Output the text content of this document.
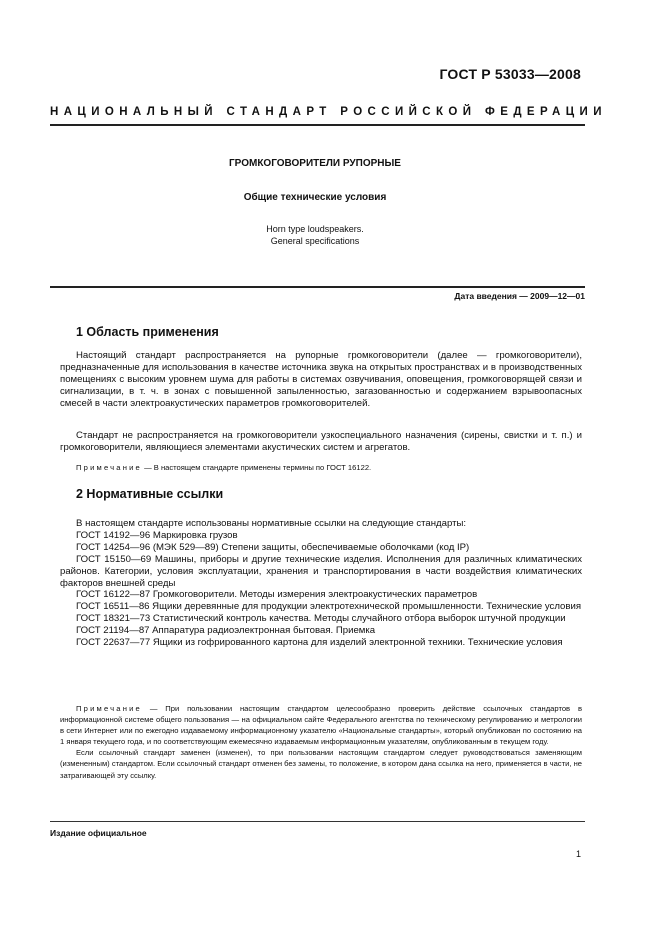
ГОСТ Р 53033—2008
НАЦИОНАЛЬНЫЙ СТАНДАРТ РОССИЙСКОЙ ФЕДЕРАЦИИ
ГРОМКОГОВОРИТЕЛИ РУПОРНЫЕ
Общие технические условия
Horn type loudspeakers.
General specifications
Дата введения — 2009—12—01
1 Область применения

Настоящий стандарт распространяется на рупорные громкоговорители (далее — громкоговорители), предназначенные для использования в качестве источника звука на открытых пространствах и в производственных помещениях с высоким уровнем шума для работы в системах озвучивания, оповещения, громкоговорящей связи и сигнализации, в т. ч. в зонах с повышенной запыленностью, загазованностью и содержанием взрывоопасных смесей в части электроакустических параметров громкоговорителей.

Стандарт не распространяется на громкоговорители узкоспециального назначения (сирены, свистки и т. п.) и громкоговорители, являющиеся элементами акустических систем и агрегатов.

Примечание — В настоящем стандарте применены термины по ГОСТ 16122.

2 Нормативные ссылки

В настоящем стандарте использованы нормативные ссылки на следующие стандарты:

ГОСТ 14192—96 Маркировка грузов

ГОСТ 14254—96 (МЭК 529—89) Степени защиты, обеспечиваемые оболочками (код IP)

ГОСТ 15150—69 Машины, приборы и другие технические изделия. Исполнения для различных климатических районов. Категории, условия эксплуатации, хранения и транспортирования в части воздействия климатических факторов внешней среды

ГОСТ 16122—87 Громкоговорители. Методы измерения электроакустических параметров

ГОСТ 16511—86 Ящики деревянные для продукции электротехнической промышленности. Технические условия

ГОСТ 18321—73 Статистический контроль качества. Методы случайного отбора выборок штучной продукции

ГОСТ 21194—87 Аппаратура радиоэлектронная бытовая. Приемка

ГОСТ 22637—77 Ящики из гофрированного картона для изделий электронной техники. Технические условия

Примечание — При пользовании настоящим стандартом целесообразно проверить действие ссылочных стандартов в информационной системе общего пользования — на официальном сайте Федерального агентства по техническому регулированию и метрологии в сети Интернет или по ежегодно издаваемому информационному указателю «Национальные стандарты», который опубликован по состоянию на 1 января текущего года, и по соответствующим ежемесячно издаваемым информационным указателям, опубликованным в текущем году.

Если ссылочный стандарт заменен (изменен), то при пользовании настоящим стандартом следует руководствоваться заменяющим (измененным) стандартом. Если ссылочный стандарт отменен без замены, то положение, в котором дана ссылка на него, применяется в части, не затрагивающей эту ссылку.

Издание официальное
1
